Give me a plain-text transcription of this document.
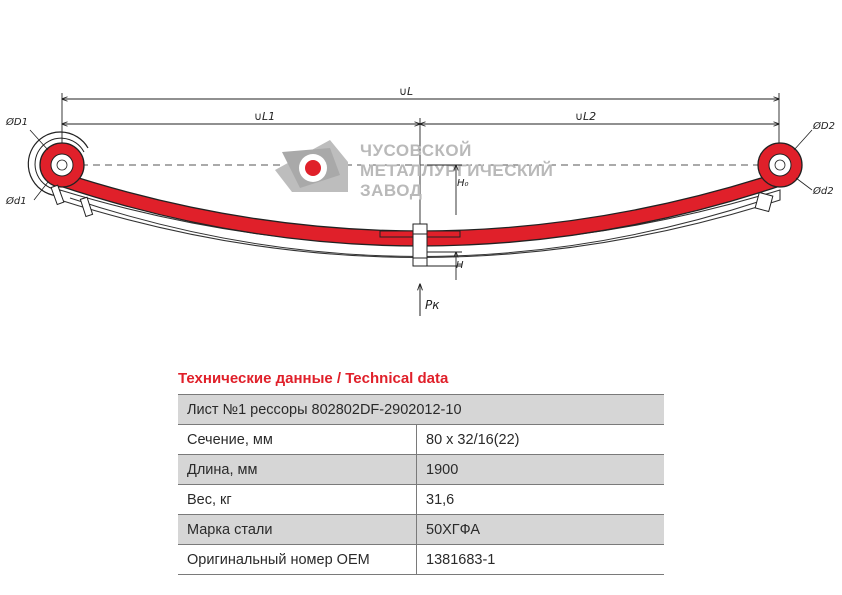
∪L
∪L1	∪L2
ЧУСОВСКОЙ
МЕТАЛЛУРГИЧЕСКИЙ
ЗАВОД	H₀
H
Pк
ØD1
Ød1
ØD2
Ød2
Технические данные / Technical data
Лист №1 рессоры 802802DF-2902012-10	
Сечение, мм	80 x 32/16(22)
Длина, мм	1900
Вес, кг	31,6
Марка стали	50ХГФА
Оригинальный номер OEM	1381683-1
